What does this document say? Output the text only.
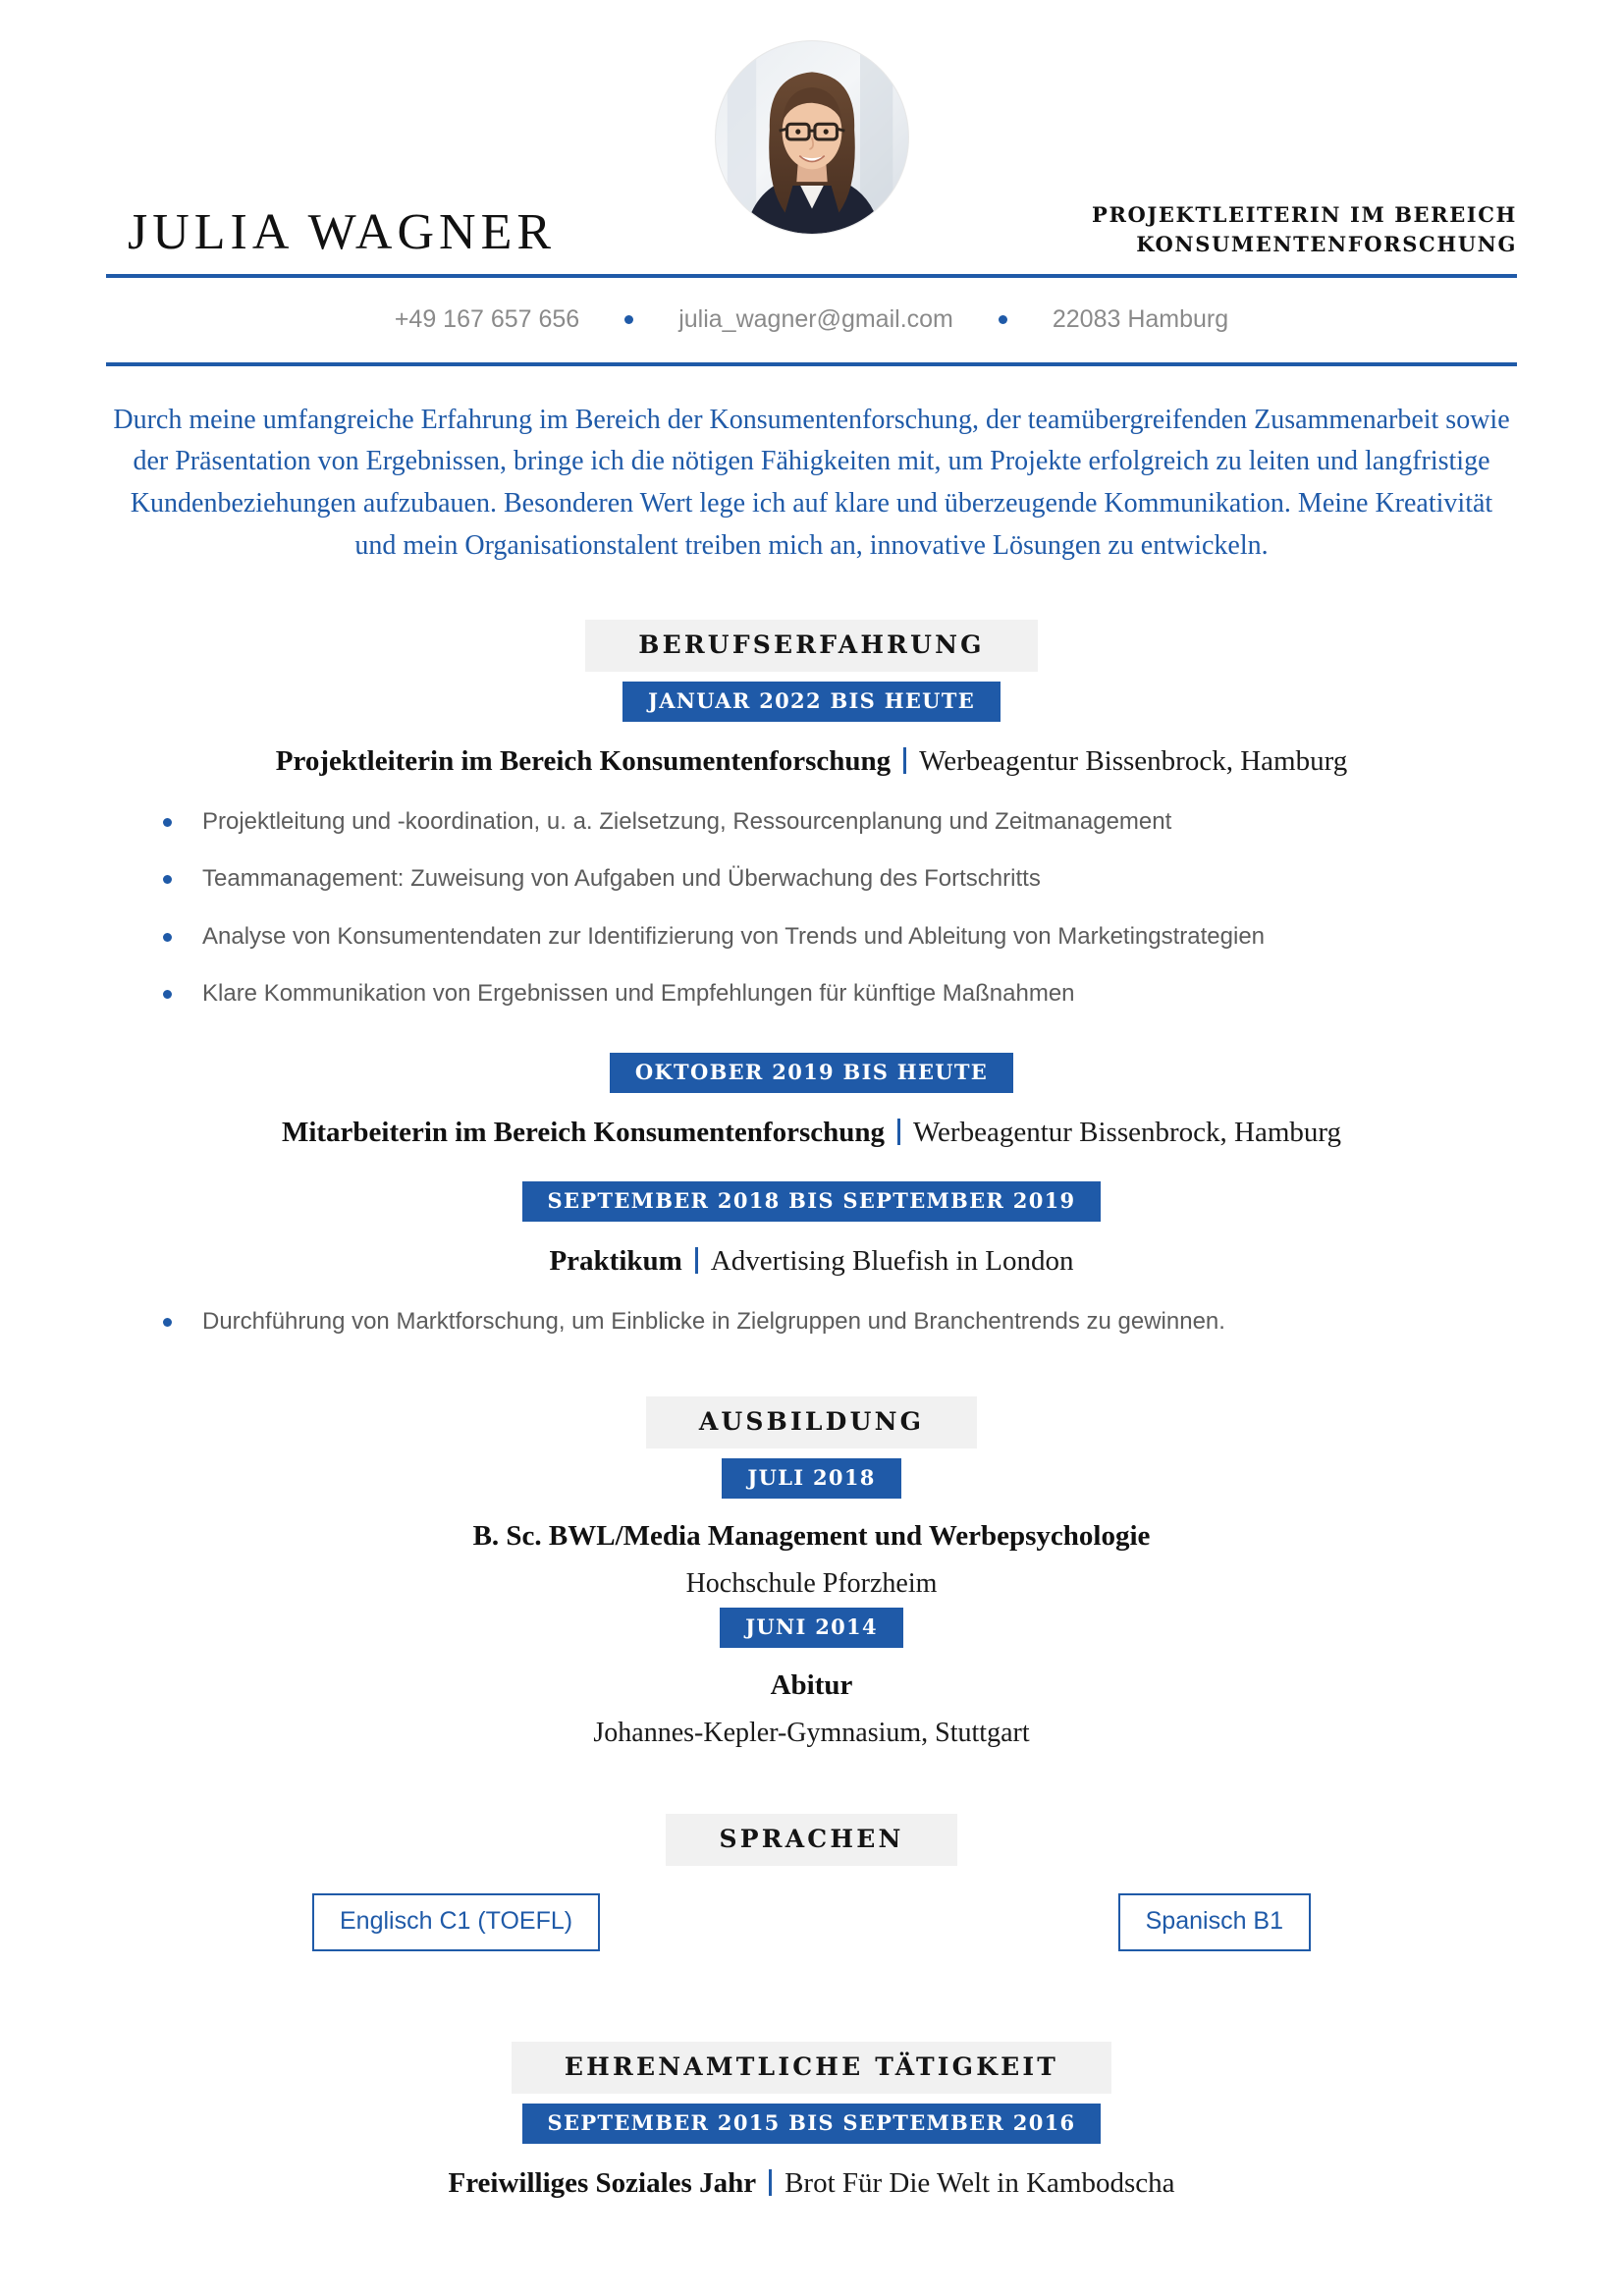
JULIA WAGNER	PROJEKTLEITERIN IM BEREICH KONSUMENTENFORSCHUNG
+49 167 657 656	julia_wagner@gmail.com	22083 Hamburg

Durch meine umfangreiche Erfahrung im Bereich der Konsumentenforschung, der teamübergreifenden Zusammenarbeit sowie der Präsentation von Ergebnissen, bringe ich die nötigen Fähigkeiten mit, um Projekte erfolgreich zu leiten und langfristige Kundenbeziehungen aufzubauen. Besonderen Wert lege ich auf klare und überzeugende Kommunikation. Meine Kreativität und mein Organisationstalent treiben mich an, innovative Lösungen zu entwickeln.

BERUFSERFAHRUNG
JANUAR 2022 BIS HEUTE
Projektleiterin im Bereich Konsumentenforschung Werbeagentur Bissenbrock, Hamburg
Projektleitung und -koordination, u. a. Zielsetzung, Ressourcenplanung und Zeitmanagement
Teammanagement: Zuweisung von Aufgaben und Überwachung des Fortschritts
Analyse von Konsumentendaten zur Identifizierung von Trends und Ableitung von Marketingstrategien
Klare Kommunikation von Ergebnissen und Empfehlungen für künftige Maßnahmen
OKTOBER 2019 BIS HEUTE
Mitarbeiterin im Bereich Konsumentenforschung Werbeagentur Bissenbrock, Hamburg
SEPTEMBER 2018 BIS SEPTEMBER 2019
Praktikum Advertising Bluefish in London
Durchführung von Marktforschung, um Einblicke in Zielgruppen und Branchentrends zu gewinnen.
AUSBILDUNG
JULI 2018
B. Sc. BWL/Media Management und Werbepsychologie
Hochschule Pforzheim
JUNI 2014
Abitur
Johannes-Kepler-Gymnasium, Stuttgart
SPRACHEN
Englisch C1 (TOEFL)	Spanisch B1
EHRENAMTLICHE TÄTIGKEIT
SEPTEMBER 2015 BIS SEPTEMBER 2016
Freiwilliges Soziales Jahr Brot Für Die Welt in Kambodscha
